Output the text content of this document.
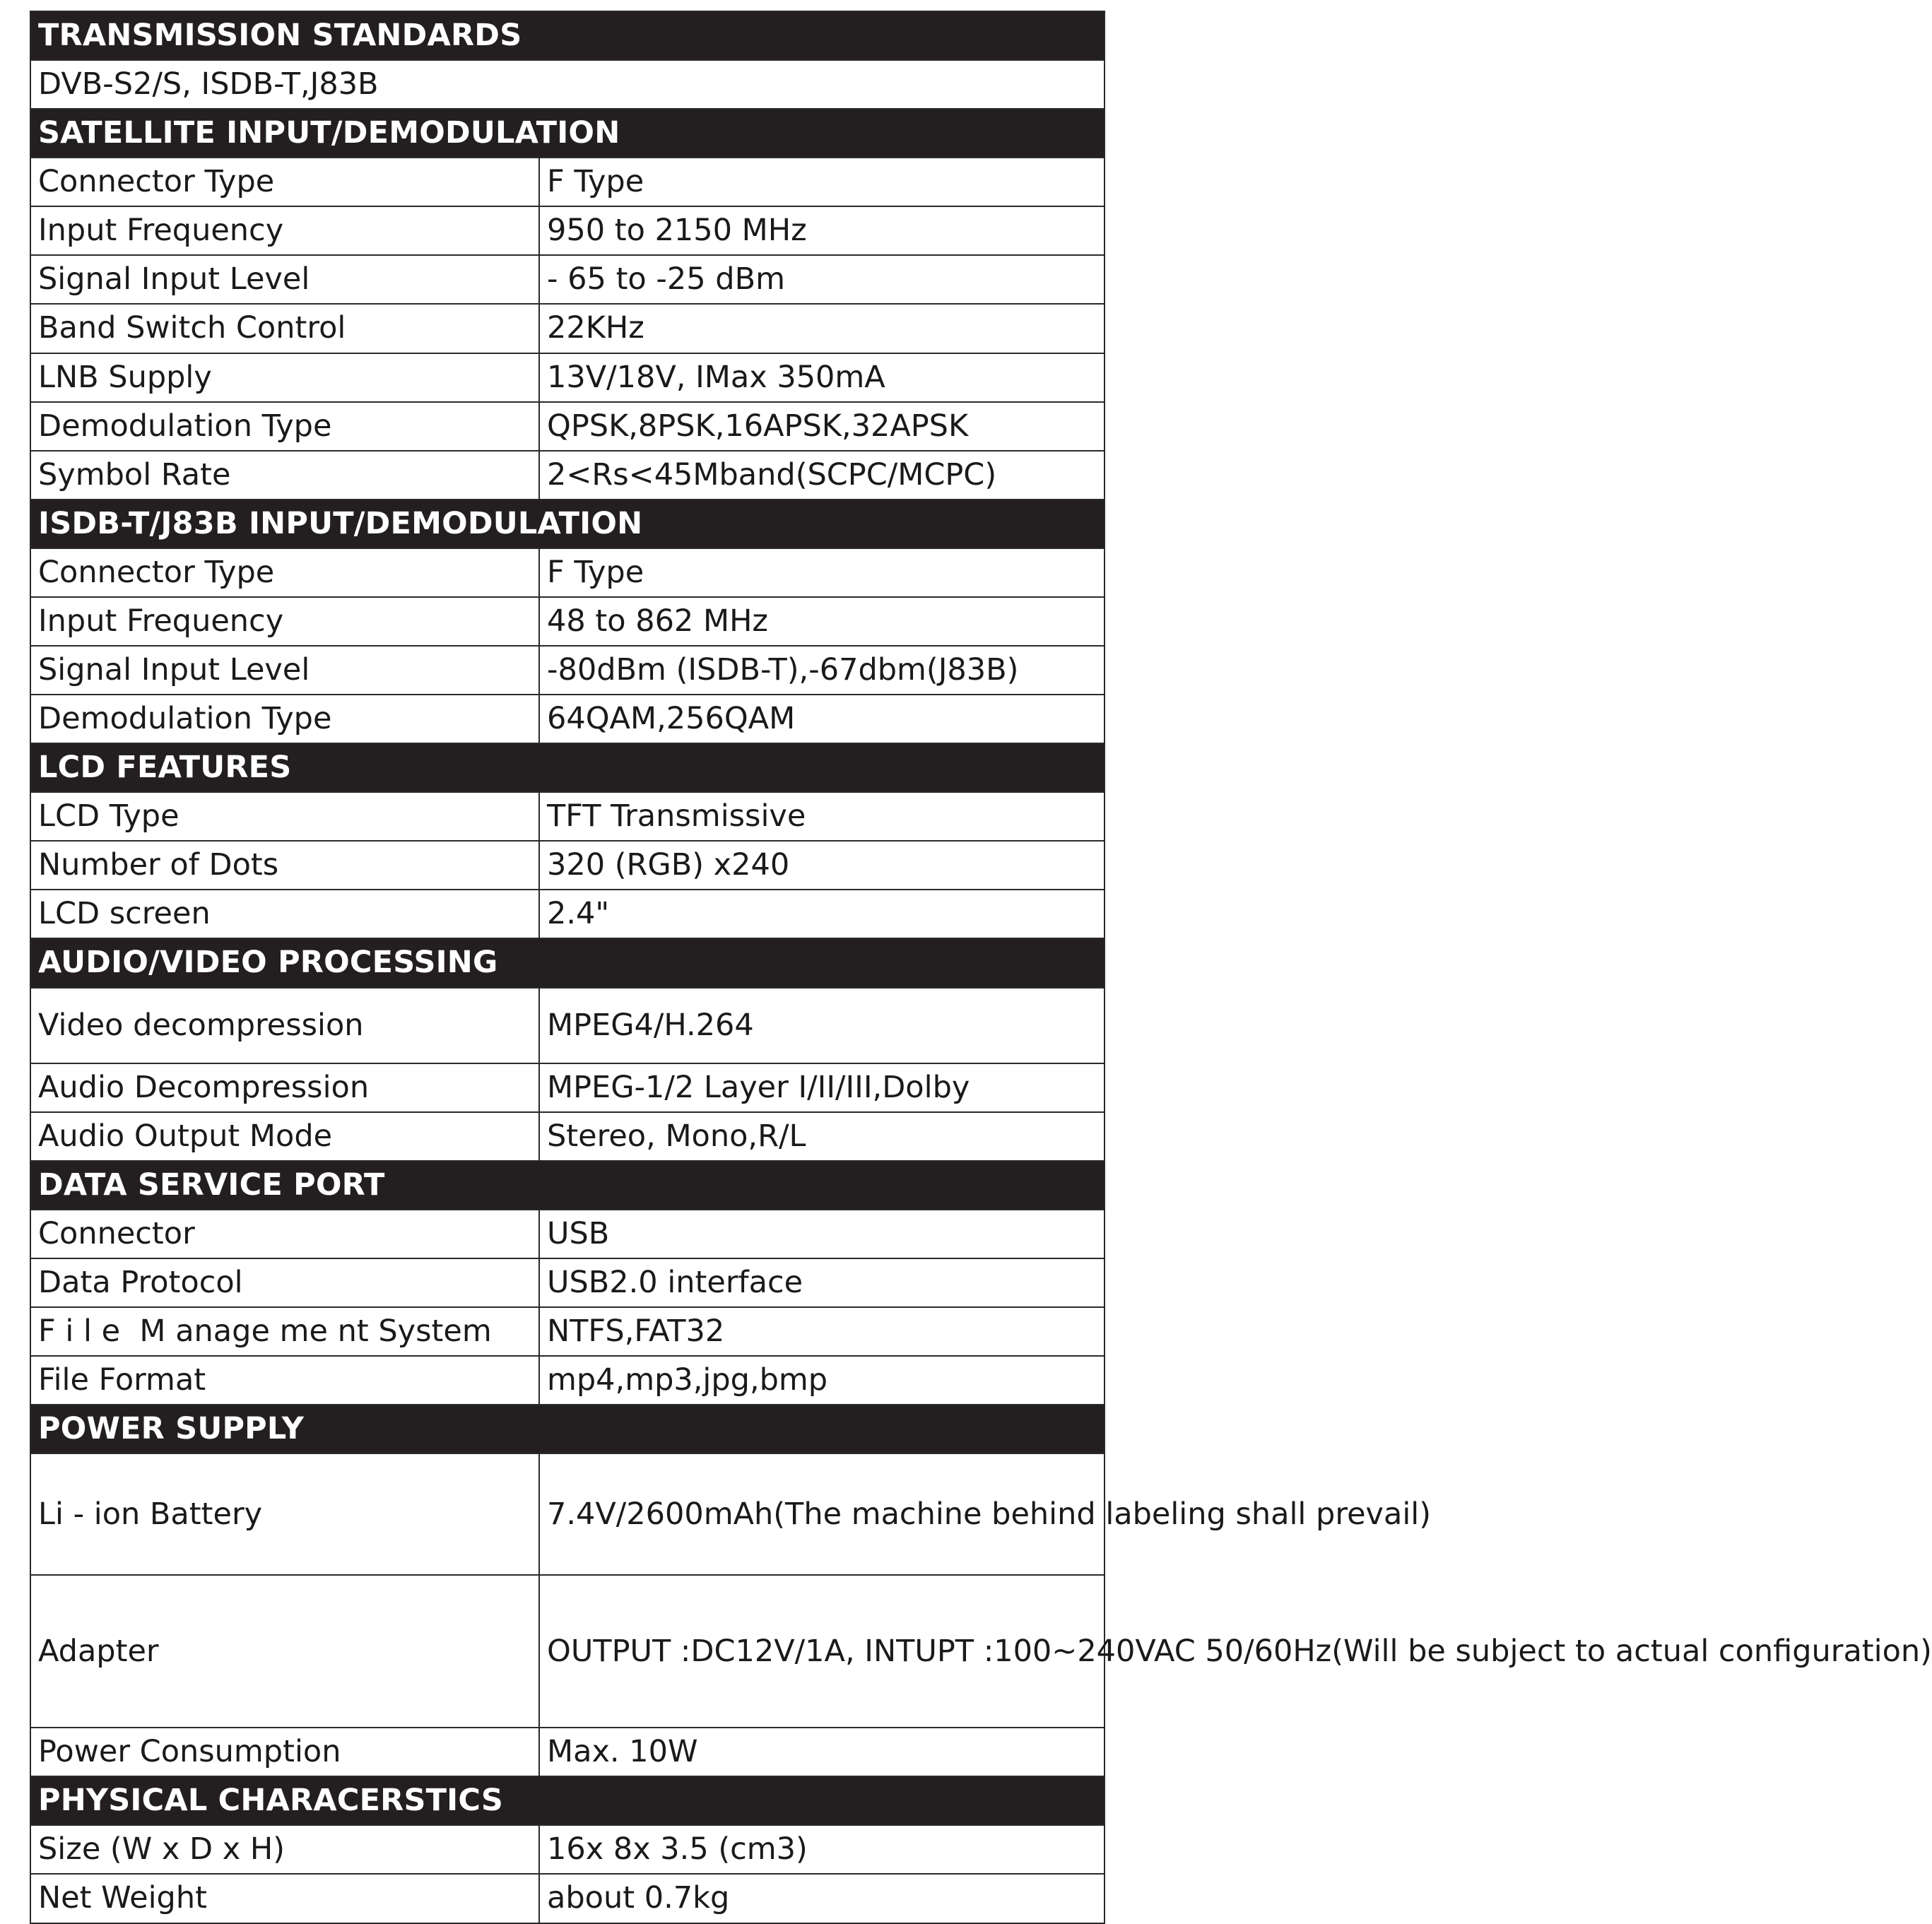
TRANSMISSION STANDARDS	
DVB-S2/S, ISDB-T,J83B	
SATELLITE INPUT/DEMODULATION	
Connector Type	F Type
Input Frequency	950 to 2150 MHz
Signal Input Level	- 65 to -25 dBm
Band Switch Control	22KHz
LNB Supply	13V/18V, IMax 350mA
Demodulation Type	QPSK,8PSK,16APSK,32APSK
Symbol Rate	2<Rs<45Mband(SCPC/MCPC)
ISDB-T/J83B INPUT/DEMODULATION	
Connector Type	F Type
Input Frequency	48 to 862 MHz
Signal Input Level	-80dBm (ISDB-T),-67dbm(J83B)
Demodulation Type	64QAM,256QAM
LCD FEATURES	
LCD Type	TFT Transmissive
Number of Dots	320 (RGB) x240
LCD screen	2.4"
AUDIO/VIDEO PROCESSING	
Video decompression	MPEG4/H.264
Audio Decompression	MPEG-1/2 Layer I/II/III,Dolby
Audio Output Mode	Stereo, Mono,R/L
DATA SERVICE PORT	
Connector	USB
Data Protocol	USB2.0 interface
F i l e  M anage me nt System	NTFS,FAT32
File Format	mp4,mp3,jpg,bmp
POWER SUPPLY	
Li - ion Battery	7.4V/2600mAh(The machine behind labeling shall prevail)
Adapter	OUTPUT :DC12V/1A, INTUPT :100~240VAC 50/60Hz(Will be subject to actual configuration)
Power Consumption	Max. 10W
PHYSICAL CHARACERSTICS	
Size (W x D x H)	16x 8x 3.5 (cm3)
Net Weight	about 0.7kg
